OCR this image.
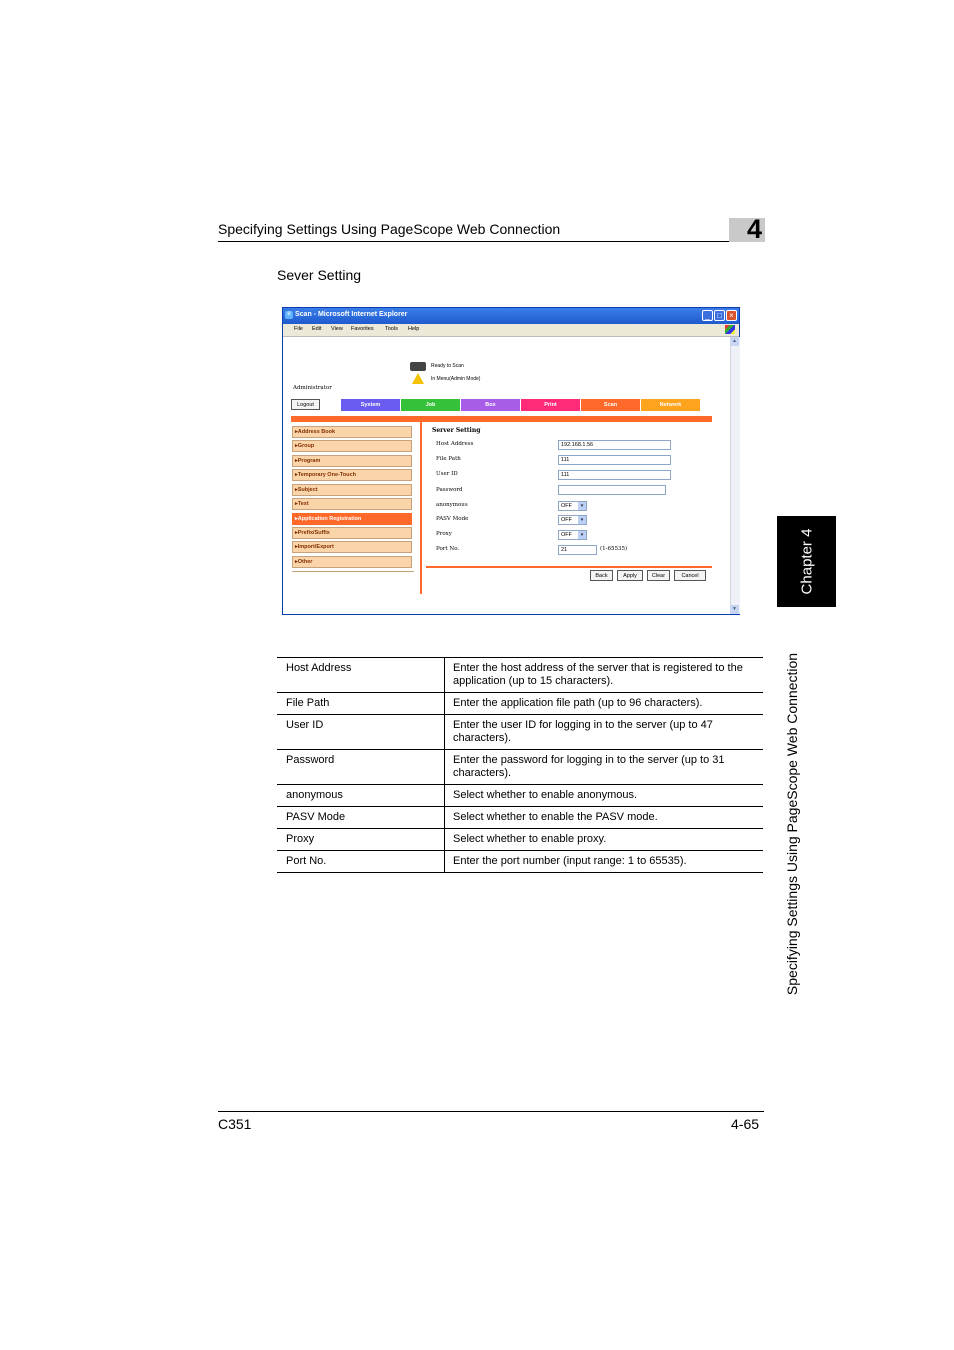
Specifying Settings Using PageScope Web Connection	4
Sever Setting
Chapter 4
Specifying Settings Using PageScope Web Connection
e Scan - Microsoft Internet Explorer	_ □ ×
File Edit View Favorites Tools Help
▲
▼
Ready to Scan
In Menu(Admin Mode)
Administrator
Logout	System	Job	Box	Print	Scan	Network
▸Address Book
▸Group
▸Program
▸Temporary One-Touch
▸Subject
▸Text
▸Application Registration
▸Prefix/Suffix
▸Import/Export
▸Other
Server Setting
Host Address	192.168.1.56
File Path	111
User ID	111
Password
anonymous	OFF	▾
PASV Mode	OFF	▾
Proxy	OFF	▾
Port No.	21	(1-65535)
Back	Apply	Clear	Cancel
Host Address	Enter the host address of the server that is registered to the application (up to 15 characters).
File Path	Enter the application file path (up to 96 characters).
User ID	Enter the user ID for logging in to the server (up to 47 characters).
Password	Enter the password for logging in to the server (up to 31 characters).
anonymous	Select whether to enable anonymous.
PASV Mode	Select whether to enable the PASV mode.
Proxy	Select whether to enable proxy.
Port No.	Enter the port number (input range: 1 to 65535).
C351	4-65
